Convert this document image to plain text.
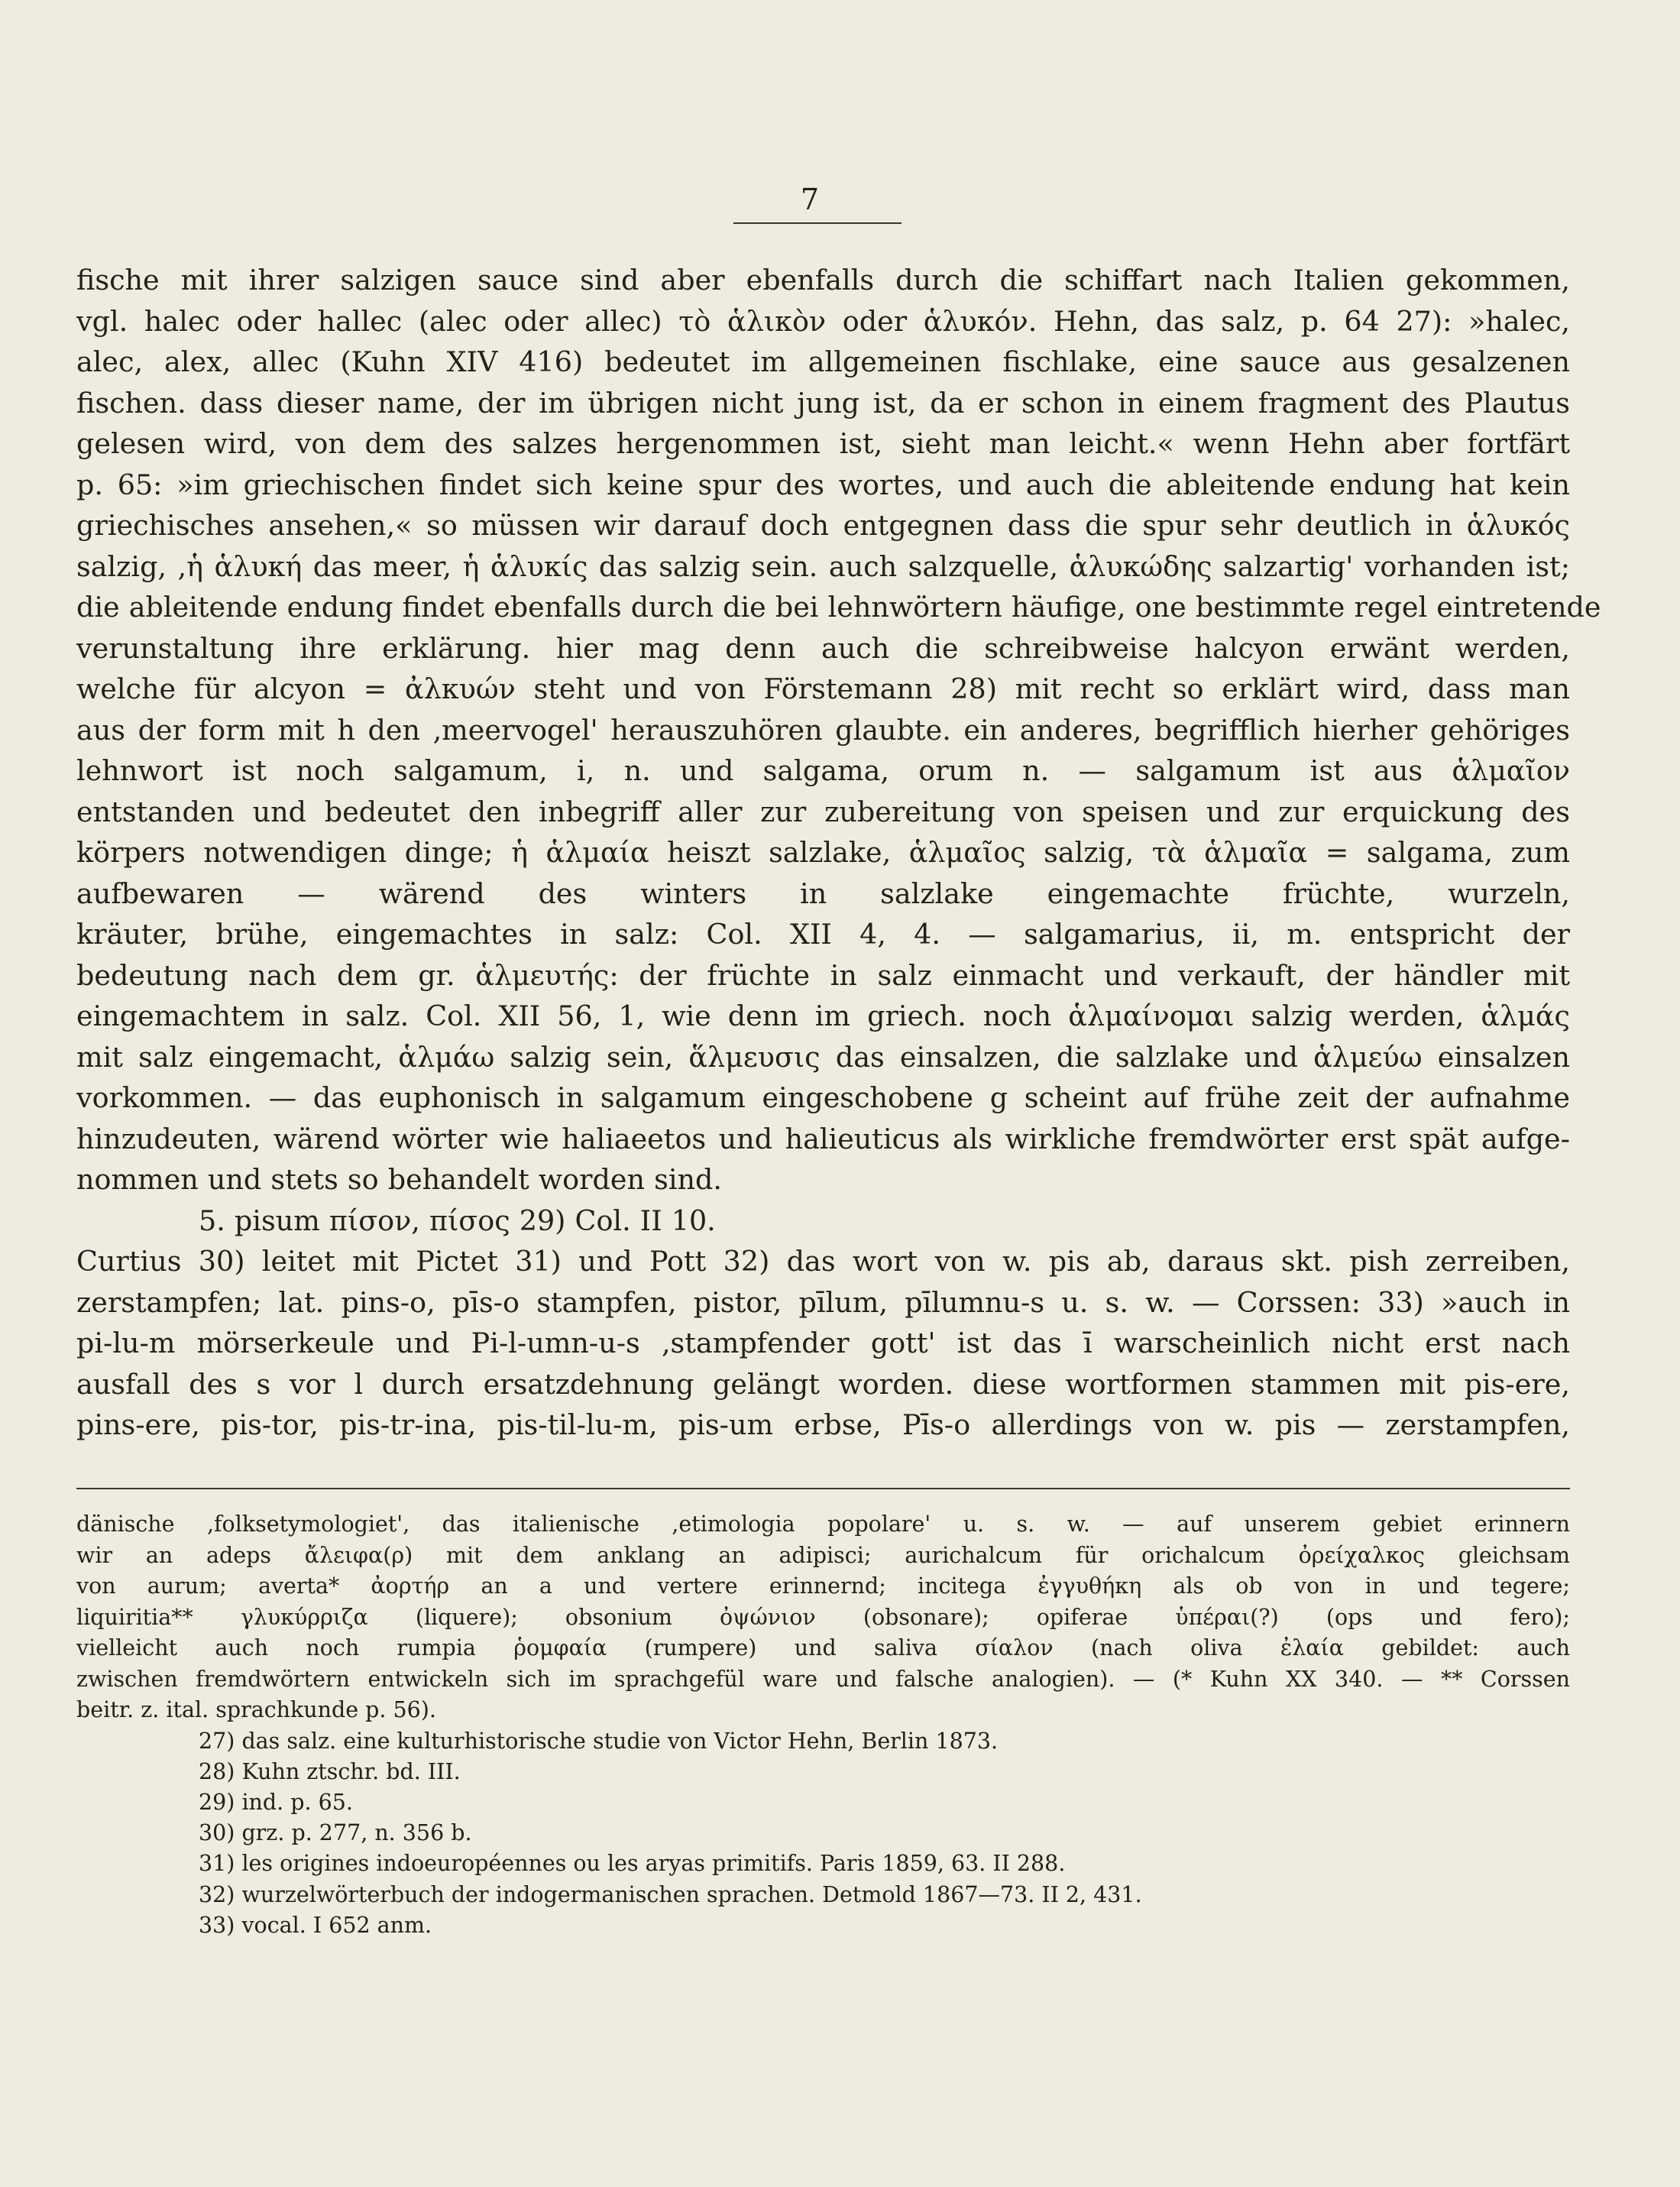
7
fische mit ihrer salzigen sauce sind aber ebenfalls durch die schiffart nach Italien gekommen,
vgl. halec oder hallec (alec oder allec) τὸ ἁλικὸν oder ἁλυκόν. Hehn, das salz, p. 64 27): »halec,
alec, alex, allec (Kuhn XIV 416) bedeutet im allgemeinen fischlake, eine sauce aus gesalzenen
fischen. dass dieser name, der im übrigen nicht jung ist, da er schon in einem fragment des Plautus
gelesen wird, von dem des salzes hergenommen ist, sieht man leicht.« wenn Hehn aber fortfärt
p. 65: »im griechischen findet sich keine spur des wortes, und auch die ableitende endung hat kein
griechisches ansehen,« so müssen wir darauf doch entgegnen dass die spur sehr deutlich in ἁλυκός
salzig, ,ἡ ἁλυκή das meer, ἡ ἁλυκίς das salzig sein. auch salzquelle, ἁλυκώδης salzartig' vorhanden ist;
die ableitende endung findet ebenfalls durch die bei lehnwörtern häufige, one bestimmte regel eintretende
verunstaltung ihre erklärung. hier mag denn auch die schreibweise halcyon erwänt werden,
welche für alcyon = ἀλκυών steht und von Förstemann 28) mit recht so erklärt wird, dass man
aus der form mit h den ,meervogel' herauszuhören glaubte. ein anderes, begrifflich hierher gehöriges
lehnwort ist noch salgamum, i, n. und salgama, orum n. — salgamum ist aus ἁλμαῖον
entstanden und bedeutet den inbegriff aller zur zubereitung von speisen und zur erquickung des
körpers notwendigen dinge; ἡ ἁλμαία heiszt salzlake, ἁλμαῖος salzig, τὰ ἁλμαῖα = salgama, zum
aufbewaren — wärend des winters in salzlake eingemachte früchte, wurzeln,
kräuter, brühe, eingemachtes in salz: Col. XII 4, 4. — salgamarius, ii, m. entspricht der
bedeutung nach dem gr. ἁλμευτής: der früchte in salz einmacht und verkauft, der händler mit
eingemachtem in salz. Col. XII 56, 1, wie denn im griech. noch ἁλμαίνομαι salzig werden, ἁλμάς
mit salz eingemacht, ἁλμάω salzig sein, ἅλμευσις das einsalzen, die salzlake und ἁλμεύω einsalzen
vorkommen. — das euphonisch in salgamum eingeschobene g scheint auf frühe zeit der aufnahme
hinzudeuten, wärend wörter wie haliaeetos und halieuticus als wirkliche fremdwörter erst spät aufge-
nommen und stets so behandelt worden sind.
5. pisum πίσον, πίσος 29) Col. II 10.
Curtius 30) leitet mit Pictet 31) und Pott 32) das wort von w. pis ab, daraus skt. pish zerreiben,
zerstampfen; lat. pins-o, pīs-o stampfen, pistor, pīlum, pīlumnu-s u. s. w. — Corssen: 33) »auch in
pi-lu-m mörserkeule und Pi-l-umn-u-s ,stampfender gott' ist das ī warscheinlich nicht erst nach
ausfall des s vor l durch ersatzdehnung gelängt worden. diese wortformen stammen mit pis-ere,
pins-ere, pis-tor, pis-tr-ina, pis-til-lu-m, pis-um erbse, Pīs-o allerdings von w. pis — zerstampfen,
dänische ,folksetymologiet', das italienische ,etimologia popolare' u. s. w. — auf unserem gebiet erinnern
wir an adeps ἄλειφα(ρ) mit dem anklang an adipisci; aurichalcum für orichalcum ὀρείχαλκος gleichsam
von aurum; averta* ἀορτήρ an a und vertere erinnernd; incitega ἐγγυθήκη als ob von in und tegere;
liquiritia** γλυκύρριζα (liquere); obsonium ὀψώνιον (obsonare); opiferae ὑπέραι(?) (ops und fero);
vielleicht auch noch rumpia ῥομφαία (rumpere) und saliva σίαλον (nach oliva ἐλαία gebildet: auch
zwischen fremdwörtern entwickeln sich im sprachgefül ware und falsche analogien). — (* Kuhn XX 340. — ** Corssen
beitr. z. ital. sprachkunde p. 56).
27) das salz. eine kulturhistorische studie von Victor Hehn, Berlin 1873.
28) Kuhn ztschr. bd. III.
29) ind. p. 65.
30) grz. p. 277, n. 356 b.
31) les origines indoeuropéennes ou les aryas primitifs. Paris 1859, 63. II 288.
32) wurzelwörterbuch der indogermanischen sprachen. Detmold 1867—73. II 2, 431.
33) vocal. I 652 anm.
